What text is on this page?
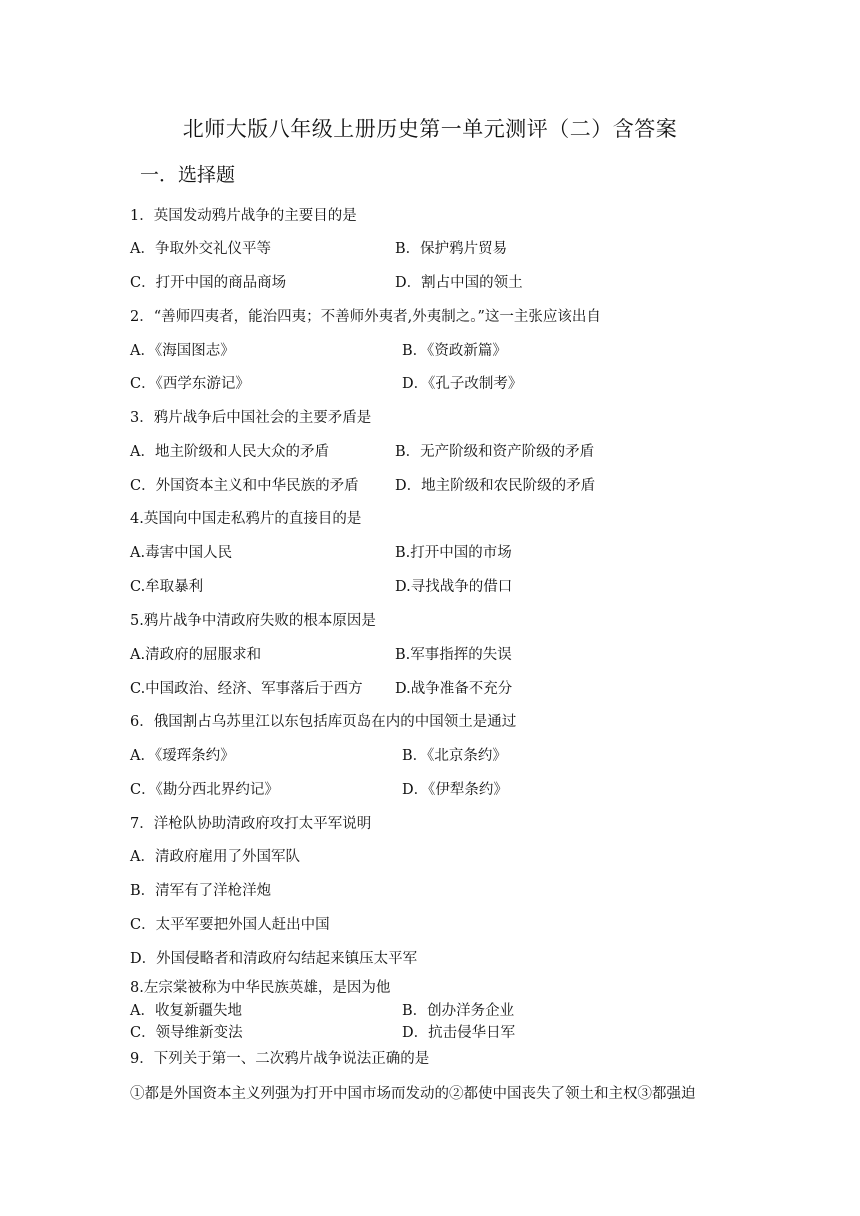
北师大版八年级上册历史第一单元测评（二）含答案
一．选择题
1．英国发动鸦片战争的主要目的是
A．争取外交礼仪平等	B．保护鸦片贸易
C．打开中国的商品商场	D．割占中国的领土
2．“善师四夷者，能治四夷；不善师外夷者,外夷制之。”这一主张应该出自
A．《海国图志》	B．《资政新篇》
C．《西学东游记》	D．《孔子改制考》
3．鸦片战争后中国社会的主要矛盾是
A．地主阶级和人民大众的矛盾	B．无产阶级和资产阶级的矛盾
C．外国资本主义和中华民族的矛盾	D．地主阶级和农民阶级的矛盾
4.英国向中国走私鸦片的直接目的是
A.毒害中国人民	B.打开中国的市场
C.牟取暴利	D.寻找战争的借口
5.鸦片战争中清政府失败的根本原因是
A.清政府的屈服求和	B.军事指挥的失误
C.中国政治、经济、军事落后于西方 D.战争准备不充分
6．俄国割占乌苏里江以东包括库页岛在内的中国领土是通过
A．《瑷珲条约》	B．《北京条约》
C．《勘分西北界约记》	D．《伊犁条约》
7．洋枪队协助清政府攻打太平军说明
A．清政府雇用了外国军队
B．清军有了洋枪洋炮
C．太平军要把外国人赶出中国
D．外国侵略者和清政府勾结起来镇压太平军
8.左宗棠被称为中华民族英雄，是因为他
A．收复新疆失地	B．创办洋务企业
C．领导维新变法	D．抗击侵华日军
9．下列关于第一、二次鸦片战争说法正确的是
①都是外国资本主义列强为打开中国市场而发动的②都使中国丧失了领土和主权③都强迫
